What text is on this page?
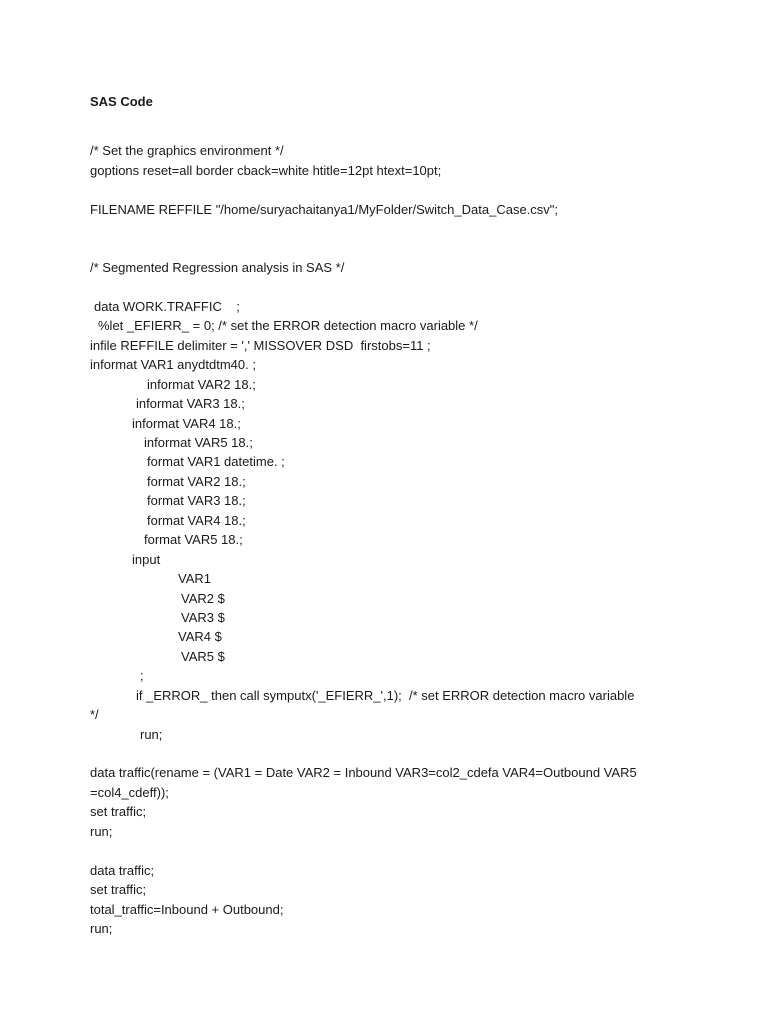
SAS Code
/* Set the graphics environment */
goptions reset=all border cback=white htitle=12pt htext=10pt;
FILENAME REFFILE "/home/suryachaitanya1/MyFolder/Switch_Data_Case.csv";
/* Segmented Regression analysis in SAS */
data WORK.TRAFFIC    ;
%let _EFIERR_ = 0; /* set the ERROR detection macro variable */
infile REFFILE delimiter = ',' MISSOVER DSD  firstobs=11 ;
informat VAR1 anydtdtm40. ;
informat VAR2 18.;
informat VAR3 18.;
informat VAR4 18.;
informat VAR5 18.;
format VAR1 datetime. ;
format VAR2 18.;
format VAR3 18.;
format VAR4 18.;
format VAR5 18.;
input
VAR1
VAR2 $
VAR3 $
VAR4 $
VAR5 $
;
if _ERROR_ then call symputx('_EFIERR_',1);  /* set ERROR detection macro variable
*/
run;
data traffic(rename = (VAR1 = Date VAR2 = Inbound VAR3=col2_cdefa VAR4=Outbound VAR5
=col4_cdeff));
set traffic;
run;
data traffic;
set traffic;
total_traffic=Inbound + Outbound;
run;
